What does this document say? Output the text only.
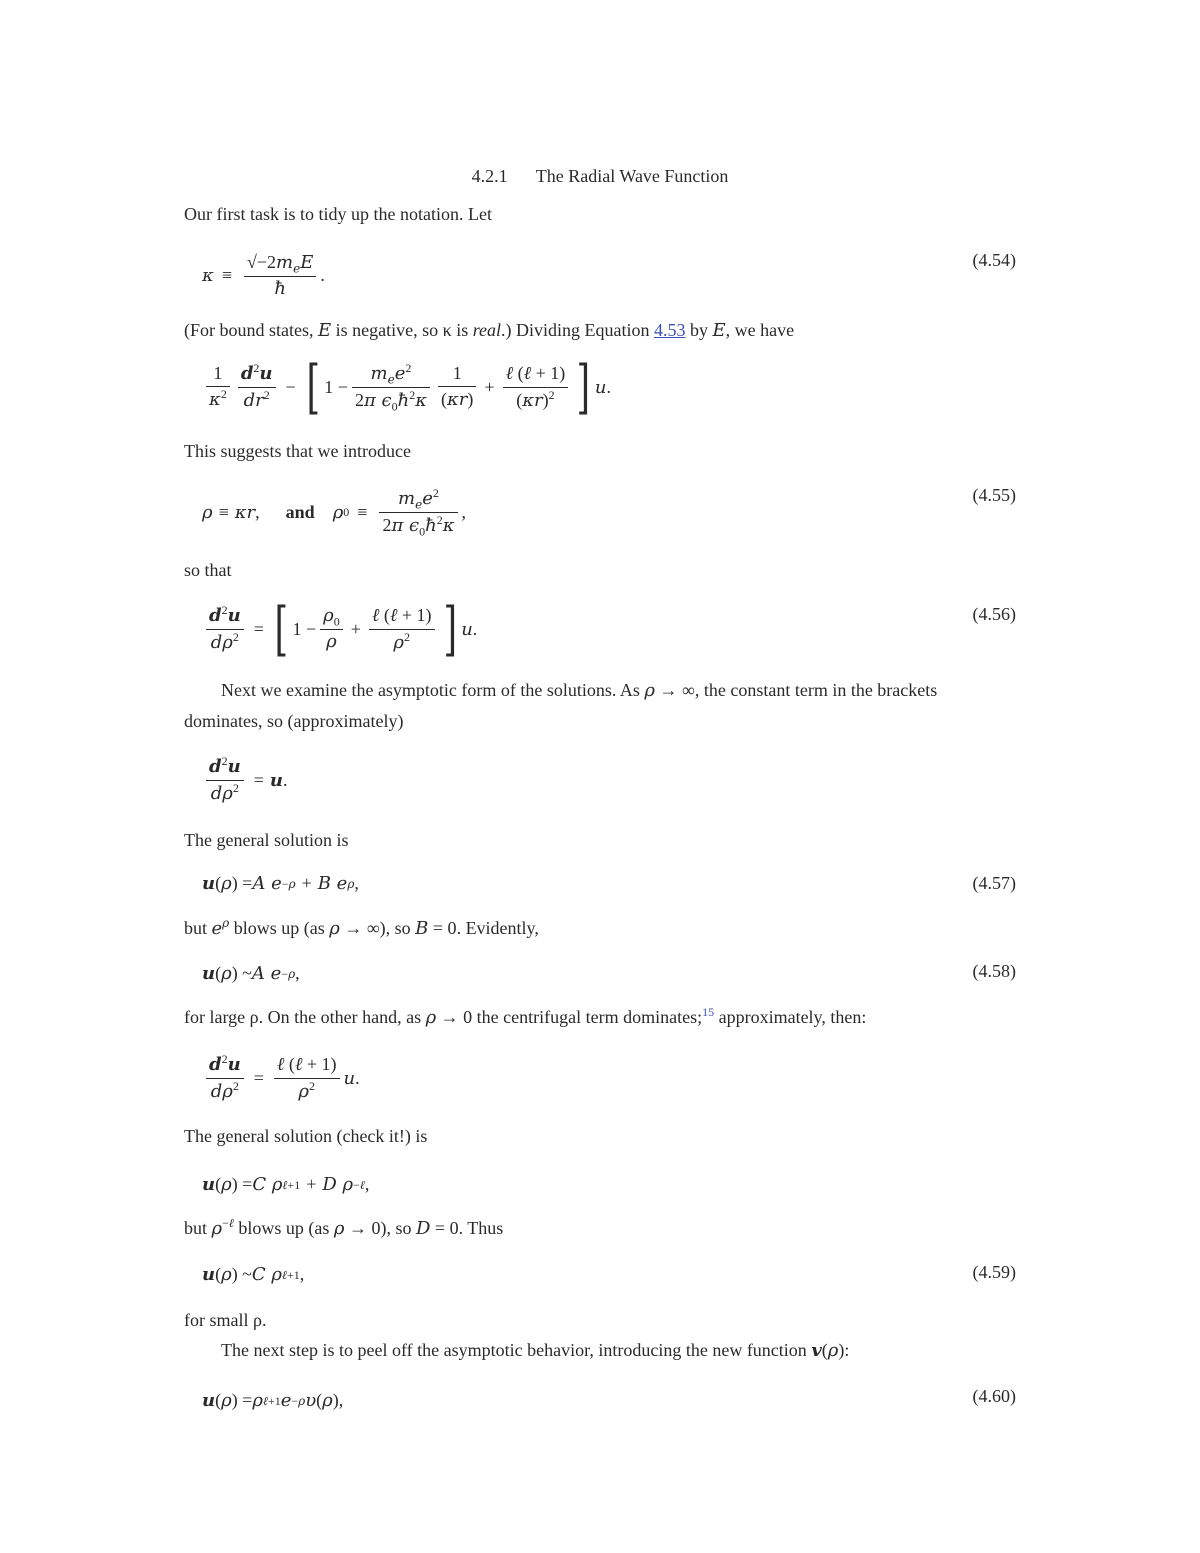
4.2.1 The Radial Wave Function
Our first task is to tidy up the notation. Let
$\kappa \equiv \frac{√-2m_eE}{ħ}$ .
(4.54)
(For bound states, E is negative, so κ is real.) Dividing Equation 4.53 by E, we have
$\frac{1}{\kappa^2} \frac{d^2u}{dr^2}$ − [ $1 - \frac{m_ee^2}{2\pi \epsilon_0ħ^2\kappa} \frac{1}{(\kappa r)} + \frac{\text{ℓ (ℓ + 1)}}{(\kappa r)^2}$ ] u .
This suggests that we introduce
ρ ≡ κr , and ρ $0 \equiv \frac{m_ee^2}{2\pi \epsilon_0ħ^2\kappa}$ ,
(4.55)
so that
$\frac{d^2u}{d\rho^2}$ = [ $1 - \frac{\rho_0}{\rho} + \frac{\text{ℓ (ℓ + 1)}}{\rho^2}$ ] u .
(4.56)
Next we examine the asymptotic form of the solutions. As ρ → ∞, the constant term in the brackets
dominates, so (approximately)
$\frac{d^2u}{d\rho^2} = u$ .
The general solution is
u ( ρ ) = A e −ρ + B e ρ ,	(4.57)
but $e^\rho$ blows up (as ρ → ∞), so B = 0. Evidently,
u ( ρ ) ~ A e −ρ ,	(4.58)
for large ρ. On the other hand, as ρ → 0 the centrifugal term dominates;$^{15}$ approximately, then:
$\frac{d^2u}{d\rho^2} = \frac{\text{ℓ (ℓ + 1)}}{\rho^2}$ u .
The general solution (check it!) is
u ( ρ ) = C ρ ℓ+1 + D ρ −ℓ ,
but $\rho^{-\ell}$ blows up (as ρ → 0), so D = 0. Thus
u ( ρ ) ~ C ρ ℓ+1 ,	(4.59)
for small ρ.
The next step is to peel off the asymptotic behavior, introducing the new function v(ρ):
u ( ρ ) = ρ ℓ+1 e −ρ υ ( ρ ) ,	(4.60)
